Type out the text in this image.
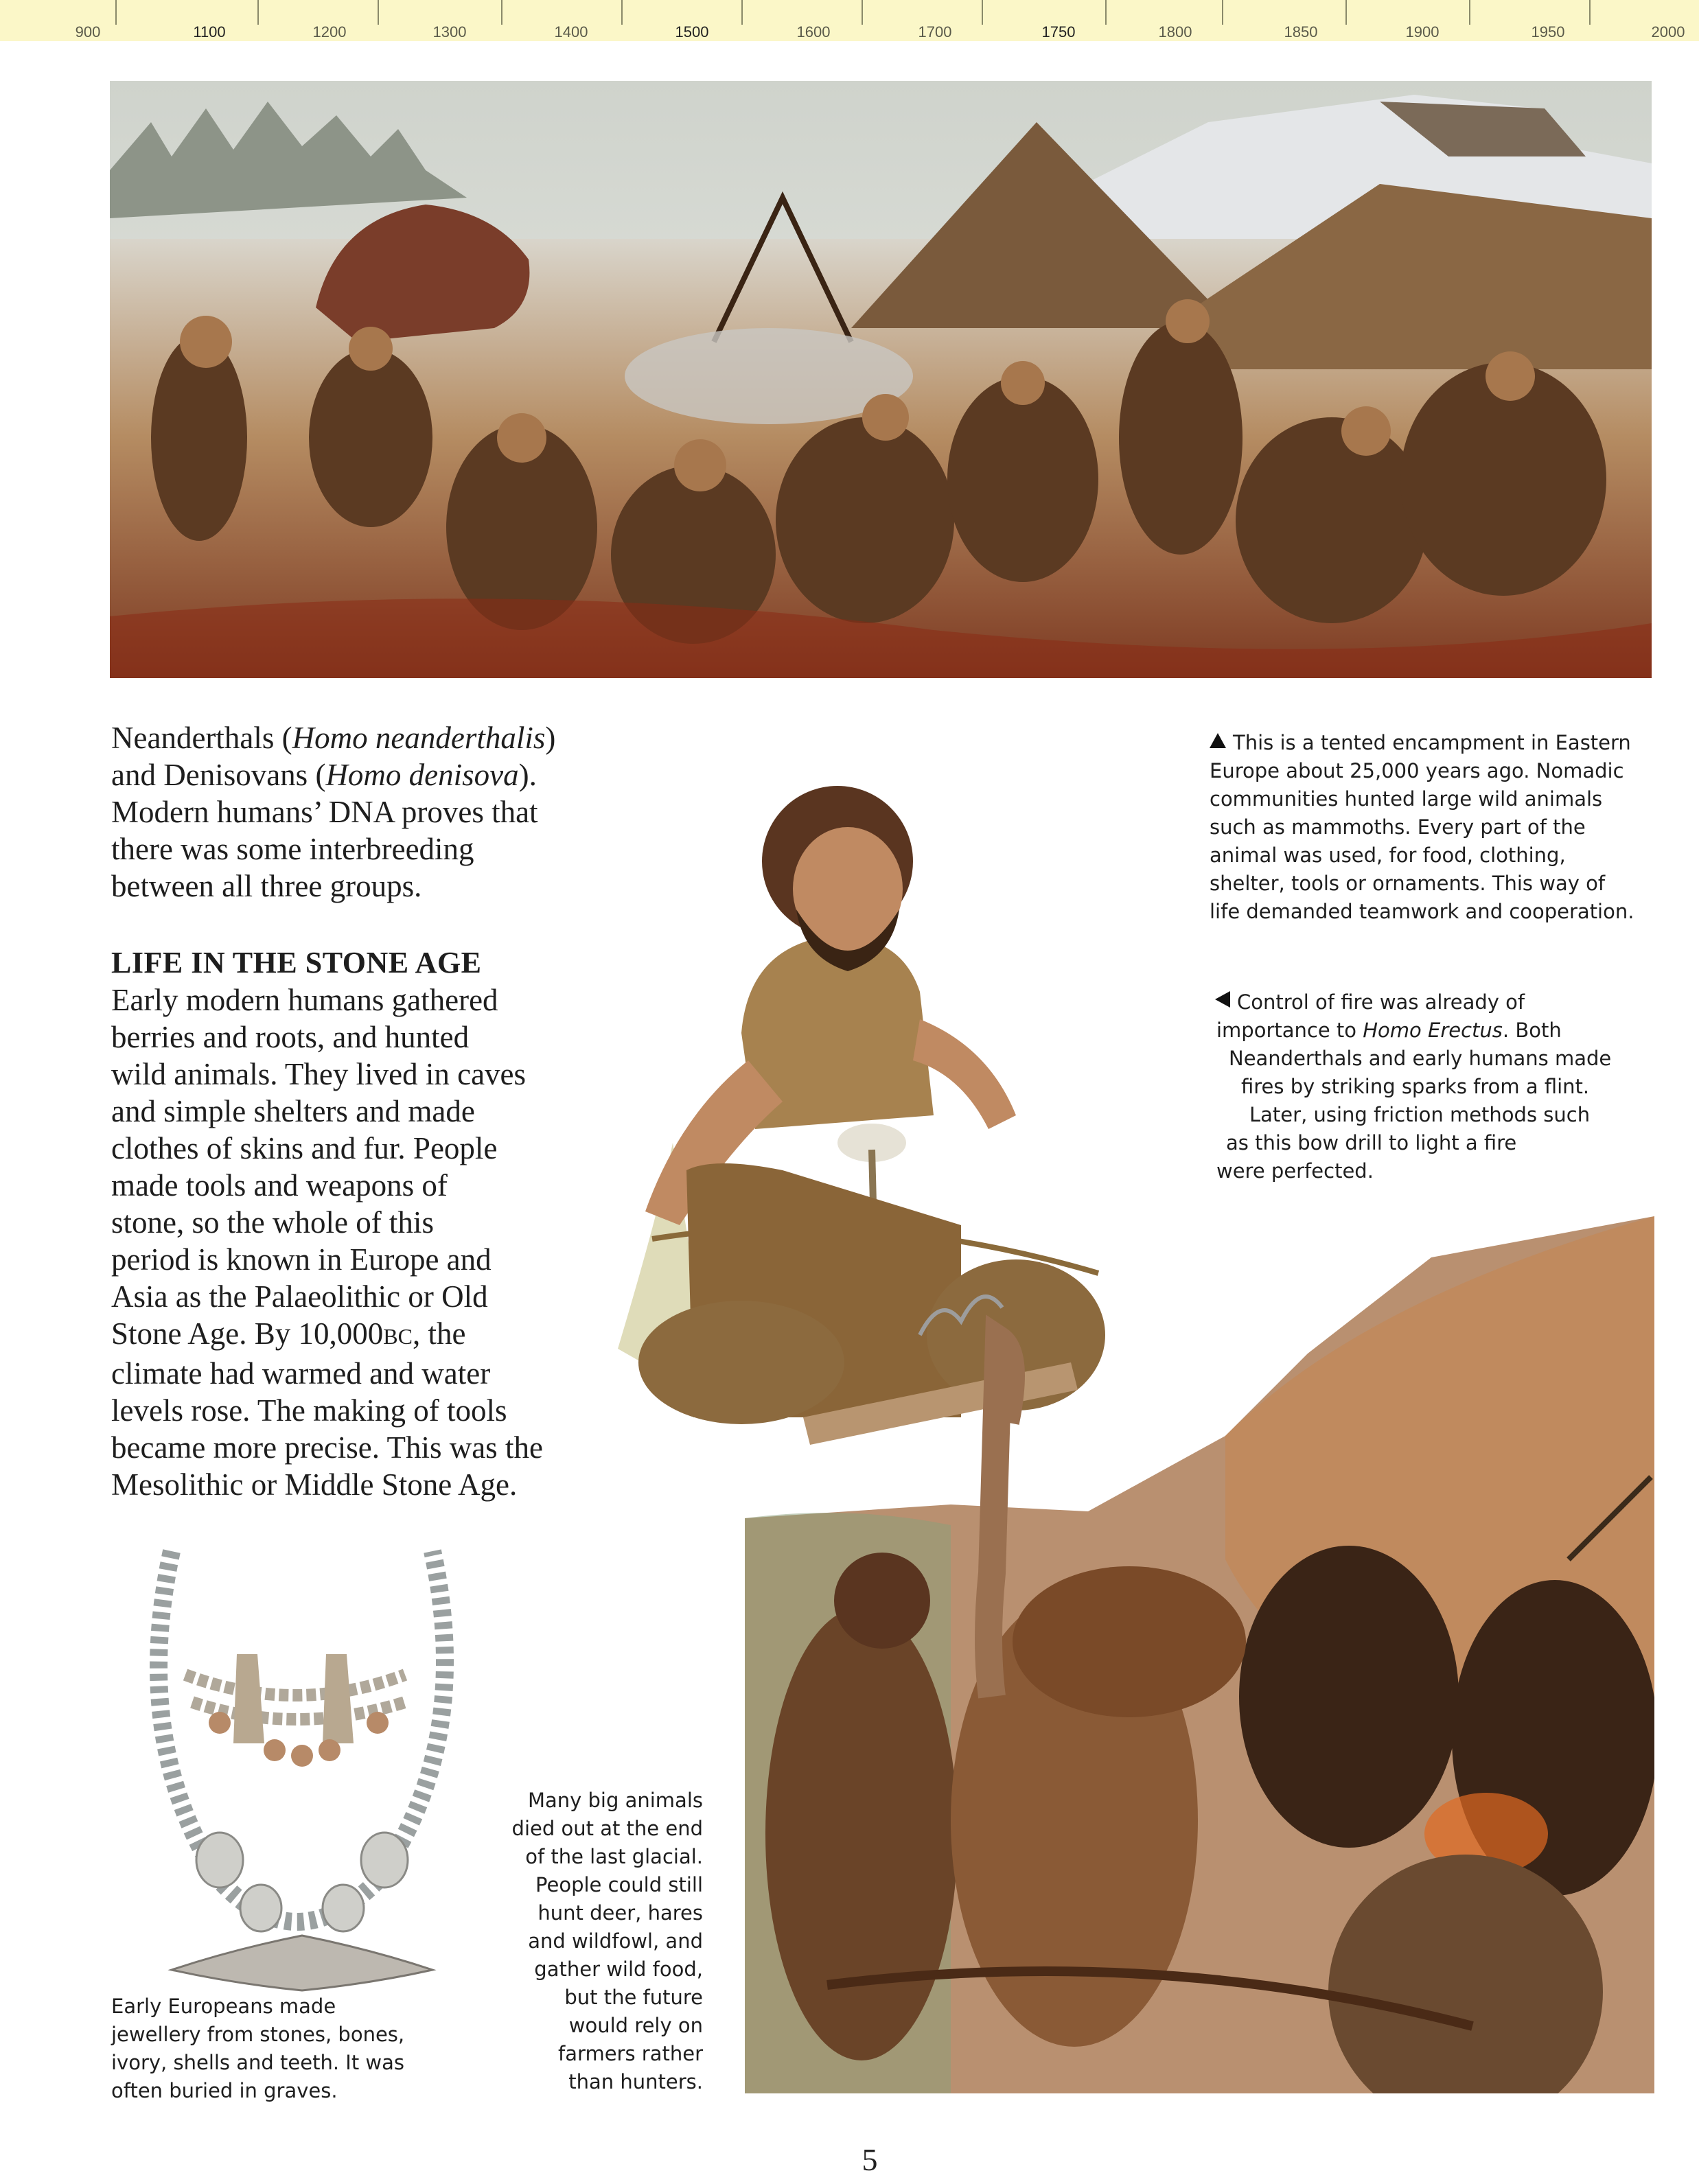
900	1100	1200	1300	1400	1500	1600	1700	1750	1800	1850	1900	1950	2000

Neanderthals (Homo neanderthalis)

and Denisovans (Homo denisova).

Modern humans’ DNA proves that

there was some interbreeding

between all three groups.

LIFE IN THE STONE AGE

Early modern humans gathered

berries and roots, and hunted

wild animals. They lived in caves

and simple shelters and made

clothes of skins and fur. People

made tools and weapons of

stone, so the whole of this

period is known in Europe and

Asia as the Palaeolithic or Old

Stone Age. By 10,000BC, the

climate had warmed and water

levels rose. The making of tools

became more precise. This was the

Mesolithic or Middle Stone Age.

This is a tented encampment in Eastern

Europe about 25,000 years ago. Nomadic

communities hunted large wild animals

such as mammoths. Every part of the

animal was used, for food, clothing,

shelter, tools or ornaments. This way of

life demanded teamwork and cooperation.

Control of fire was already of

importance to Homo Erectus. Both

Neanderthals and early humans made

fires by striking sparks from a flint.

Later, using friction methods such

as this bow drill to light a fire

were perfected.

Early Europeans made

jewellery from stones, bones,

ivory, shells and teeth. It was

often buried in graves.

Many big animals

died out at the end

of the last glacial.

People could still

hunt deer, hares

and wildfowl, and

gather wild food,

but the future

would rely on

farmers rather

than hunters.

5
